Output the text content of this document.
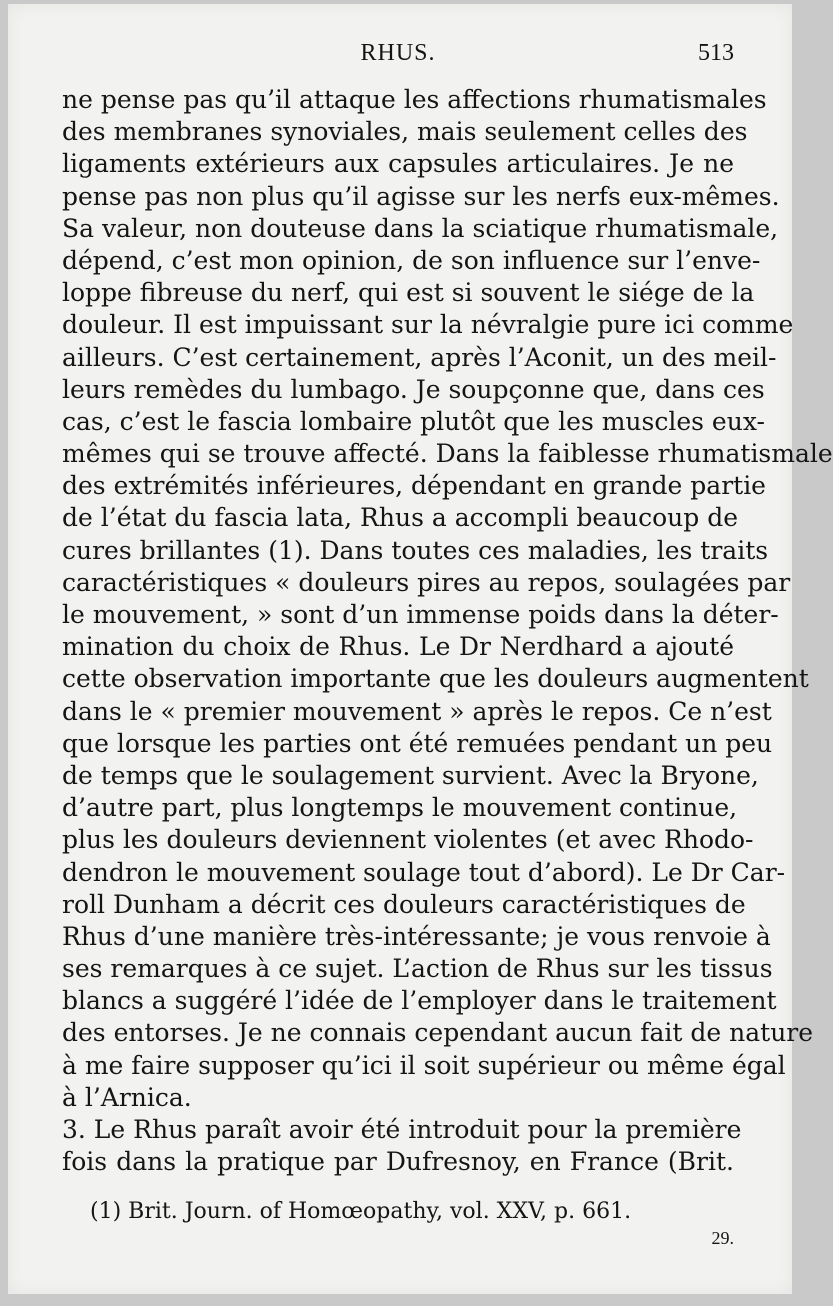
RHUS.	513
ne pense pas qu’il attaque les affections rhumatismales
des membranes synoviales, mais seulement celles des
ligaments extérieurs aux capsules articulaires. Je ne
pense pas non plus qu’il agisse sur les nerfs eux-mêmes.
Sa valeur, non douteuse dans la sciatique rhumatismale,
dépend, c’est mon opinion, de son influence sur l’enve-
loppe fibreuse du nerf, qui est si souvent le siége de la
douleur. Il est impuissant sur la névralgie pure ici comme
ailleurs. C’est certainement, après l’Aconit, un des meil-
leurs remèdes du lumbago. Je soupçonne que, dans ces
cas, c’est le fascia lombaire plutôt que les muscles eux-
mêmes qui se trouve affecté. Dans la faiblesse rhumatismale
des extrémités inférieures, dépendant en grande partie
de l’état du fascia lata, Rhus a accompli beaucoup de
cures brillantes (1). Dans toutes ces maladies, les traits
caractéristiques « douleurs pires au repos, soulagées par
le mouvement, » sont d’un immense poids dans la déter-
mination du choix de Rhus. Le Dr Nerdhard a ajouté
cette observation importante que les douleurs augmentent
dans le « premier mouvement » après le repos. Ce n’est
que lorsque les parties ont été remuées pendant un peu
de temps que le soulagement survient. Avec la Bryone,
d’autre part, plus longtemps le mouvement continue,
plus les douleurs deviennent violentes (et avec Rhodo-
dendron le mouvement soulage tout d’abord). Le Dr Car-
roll Dunham a décrit ces douleurs caractéristiques de
Rhus d’une manière très-intéressante; je vous renvoie à
ses remarques à ce sujet. L’action de Rhus sur les tissus
blancs a suggéré l’idée de l’employer dans le traitement
des entorses. Je ne connais cependant aucun fait de nature
à me faire supposer qu’ici il soit supérieur ou même égal
à l’Arnica.
3. Le Rhus paraît avoir été introduit pour la première
fois dans la pratique par Dufresnoy, en France (Brit.
(1) Brit. Journ. of Homœopathy, vol. XXV, p. 661.
29.
